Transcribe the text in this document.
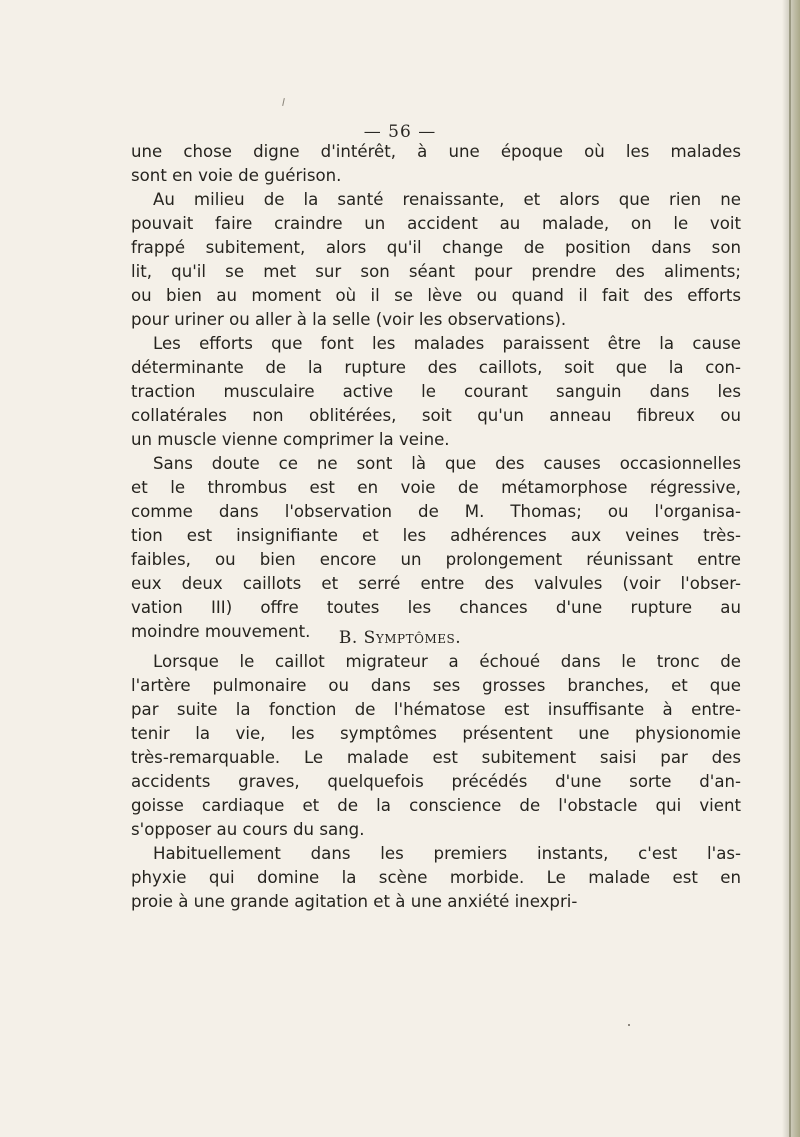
— 56 —
une chose digne d'intérêt, à une époque où les malades
sont en voie de guérison.
Au milieu de la santé renaissante, et alors que rien ne
pouvait faire craindre un accident au malade, on le voit
frappé subitement, alors qu'il change de position dans son
lit, qu'il se met sur son séant pour prendre des aliments;
ou bien au moment où il se lève ou quand il fait des efforts
pour uriner ou aller à la selle (voir les observations).
Les efforts que font les malades paraissent être la cause
déterminante de la rupture des caillots, soit que la con-
traction musculaire active le courant sanguin dans les
collatérales non oblitérées, soit qu'un anneau fibreux ou
un muscle vienne comprimer la veine.
Sans doute ce ne sont là que des causes occasionnelles
et le thrombus est en voie de métamorphose régressive,
comme dans l'observation de M. Thomas; ou l'organisa-
tion est insignifiante et les adhérences aux veines très-
faibles, ou bien encore un prolongement réunissant entre
eux deux caillots et serré entre des valvules (voir l'obser-
vation III) offre toutes les chances d'une rupture au
moindre mouvement.	B. Symptômes.
Lorsque le caillot migrateur a échoué dans le tronc de
l'artère pulmonaire ou dans ses grosses branches, et que
par suite la fonction de l'hématose est insuffisante à entre-
tenir la vie, les symptômes présentent une physionomie
très-remarquable. Le malade est subitement saisi par des
accidents graves, quelquefois précédés d'une sorte d'an-
goisse cardiaque et de la conscience de l'obstacle qui vient
s'opposer au cours du sang.
Habituellement dans les premiers instants, c'est l'as-
phyxie qui domine la scène morbide. Le malade est en
proie à une grande agitation et à une anxiété inexpri-
